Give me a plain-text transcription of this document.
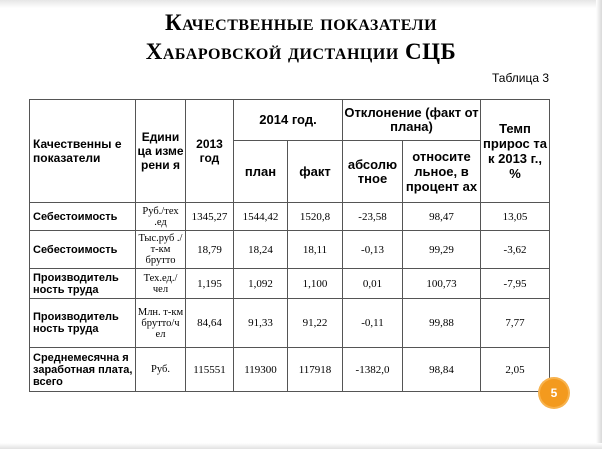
Качественные показатели
Хабаровской дистанции СЦБ
Таблица 3
Качественны е показатели	Едини ца изме рени я	2013 год	2014 год.		Отклонение (факт от плана)		Темп прирос та к 2013 г., %
			план	факт	абсолю тное	относите льное, в процент ах	
Себестоимость	Руб./тех .ед	1345,27	1544,42	1520,8	-23,58	98,47	13,05
Себестоимость	Тыс.руб ./т-км брутто	18,79	18,24	18,11	-0,13	99,29	-3,62
Производитель ность труда	Тех.ед./ чел	1,195	1,092	1,100	0,01	100,73	-7,95
Производитель ность труда	Млн. т-км брутто/ч ел	84,64	91,33	91,22	-0,11	99,88	7,77
Среднемесячна я заработная плата, всего	Руб.	115551	119300	117918	-1382,0	98,84	2,05
5
